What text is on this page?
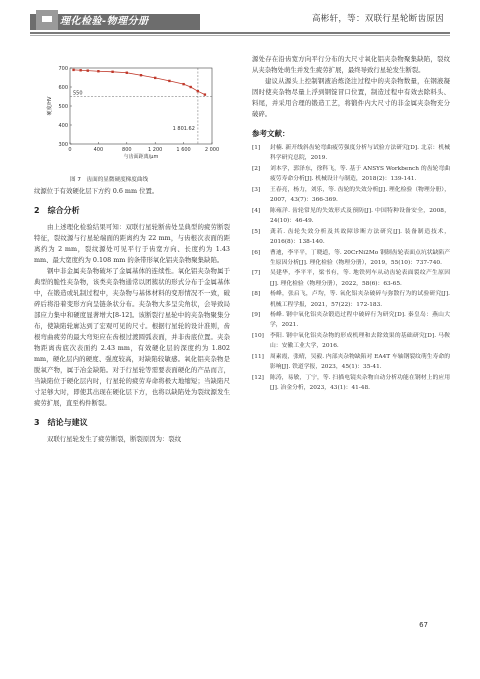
理化检验-物理分册	高彬轩，等：双联行星轮断齿原因
300
400
500
600
700
0	400	800	1 200	1 600	2 000
与齿面距离/μm
硬度/HV
550
1 801.62
图 7　齿面的显微硬度梯度曲线

纹源位于有效硬化层下方约 0.6 mm 位置。

2　综合分析

由上述理化检验结果可知：双联行星轮断齿处呈典型的疲劳断裂特征，裂纹源与行星轮端面的距离约为 22 mm，与齿根次表面的距离约为 2 mm，裂纹源处可见平行于齿宽方向、长度约为 1.43 mm、最大宽度约为 0.108 mm 的条带形氧化铝夹杂物聚集缺陷。

钢中非金属夹杂物破坏了金属基体的连续性。氧化铝夹杂物属于典型的脆性夹杂物，该类夹杂物通常以团簇状的形式分布于金属基体中，在锻造或轧制过程中，夹杂物与基体材料的变形情况不一致，破碎后将沿着变形方向呈链条状分布。夹杂物大多呈尖角状，会导致局部应力集中和硬度显著增大[8-12]。该断裂行星轮中的夹杂物聚集分布，使缺陷轮廓达到了宏观可见的尺寸。根据行星轮的设计准则，齿根弯曲疲劳的最大弯矩应在齿根过渡圆弧表面，并非齿底位置。夹杂物距离齿底次表面约 2.43 mm，有效硬化层的深度约为 1.802 mm，硬化层内的硬度、强度较高，对缺陷较敏感。氧化铝夹杂物是脱氧产物，属于冶金缺陷。对于行星轮等需要表面硬化的产品而言，当缺陷位于硬化层内时，行星轮的疲劳寿命将极大地缩短；当缺陷尺寸足够大时，即使其出现在硬化层下方，也将以缺陷处为裂纹源发生疲劳扩展，直至构件断裂。

3　结论与建议

双联行星轮发生了疲劳断裂，断裂原因为：裂纹

源处存在沿齿宽方向平行分布的大尺寸氧化铝夹杂物聚集缺陷，裂纹从夹杂物处萌生并发生疲劳扩展，最终导致行星轮发生断裂。

建议从源头上控制钢液冶炼浇注过程中的夹杂物数量，在钢液凝固时使夹杂物尽量上浮到钢锭冒口位置，制造过程中有效去除料头、料尾，并采用合理的锻造工艺，将锻件内大尺寸的非金属夹杂物充分破碎。

参考文献：
[1]	封楠. 新开线斜齿轮弯曲疲劳强度分析与试验方法研究[D]. 北京：机械科学研究总院，2019.
[2]	刘本学，郭泽东，徐科飞，等. 基于 ANSYS Workbench 的齿轮弯曲疲劳寿命分析[J]. 机械设计与制造，2018(2)：139-141.
[3]	王春亮，杨力，刘乐，等. 齿轮的失效分析[J]. 理化检验（物理分册），2007，43(7)：366-369.
[4]	陈雍洋. 齿轮常见的失效形式及预防[J]. 中国特种设备安全，2008，24(10)：46-49.
[5]	龚若. 齿轮失效分析及其故障诊断方法研究[J]. 装备制造技术，2016(8)：138-140.
[6]	曹迪，李平平，丁晓道，等. 20CrNi2Mo 钢制齿轮表面点坑状缺陷产生原因分析[J]. 理化检验（物理分册），2019，55(10)：737-740.
[7]	吴建华，李平平，梁书有，等. 地铁列车从动齿轮表面裂纹产生原因[J]. 理化检验（物理分册），2022，58(6)：63-65.
[8]	杨峰，张启飞，卢均，等. 氧化铝夹杂破碎与弥散行为的试验研究[J]. 机械工程学报，2021，57(22)：172-183.
[9]	杨峰. 钢中氧化铝夹杂锻造过程中破碎行为研究[D]. 秦皇岛：燕山大学，2021.
[10]	李阳. 钢中氧化铝夹杂物的形成机理和去除效果的基础研究[D]. 马鞍山：安徽工业大学，2016.
[11]	周素霞，张晴，吴毅. 内部夹杂物缺陷对 EA4T 车轴钢裂纹萌生寿命的影响[J]. 铁道学报，2023，45(1)：35-41.
[12]	陈涛，易敏，丁宁，等. 扫描电镜夹杂物自动分析功能在钢材上的应用[J]. 冶金分析，2023，43(1)：41-48.
67
